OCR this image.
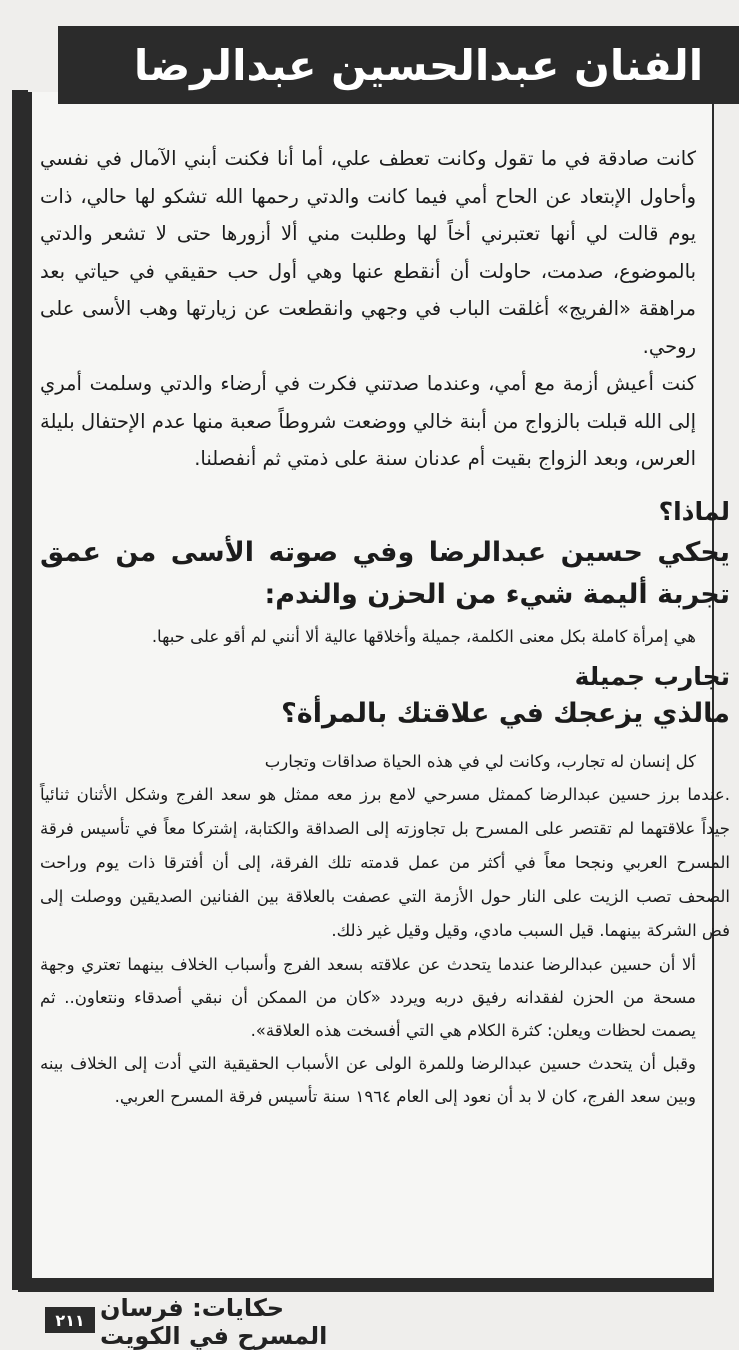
الفنان عبدالحسين عبدالرضا

كانت صادقة في ما تقول وكانت تعطف علي، أما أنا فكنت أبني الآمال في نفسي وأحاول الإبتعاد عن الحاح أمي فيما كانت والدتي رحمها الله تشكو لها حالي، ذات يوم قالت لي أنها تعتبرني أخاً لها وطلبت مني ألا أزورها حتى لا تشعر والدتي بالموضوع، صدمت، حاولت أن أنقطع عنها وهي أول حب حقيقي في حياتي بعد مراهقة «الفريج» أغلقت الباب في وجهي وانقطعت عن زيارتها وهب الأسى على روحي.

كنت أعيش أزمة مع أمي، وعندما صدتني فكرت في أرضاء والدتي وسلمت أمري إلى الله قبلت بالزواج من أبنة خالي ووضعت شروطاً صعبة منها عدم الإحتفال بليلة العرس، وبعد الزواج بقيت أم عدنان سنة على ذمتي ثم أنفصلنا.

لماذا؟
يحكي حسين عبدالرضا وفي صوته الأسى من عمق تجربة أليمة شيء من الحزن والندم:

هي إمرأة كاملة بكل معنى الكلمة، جميلة وأخلاقها عالية ألا أنني لم أقو على حبها.

تجارب جميلة
مالذي يزعجك في علاقتك بالمرأة؟

كل إنسان له تجارب، وكانت لي في هذه الحياة صداقات وتجارب

.عندما برز حسين عبدالرضا كممثل مسرحي لامع برز معه ممثل هو سعد الفرج وشكل الأثنان ثنائياً جيداً علاقتهما لم تقتصر على المسرح بل تجاوزته إلى الصداقة والكتابة، إشتركا معاً في تأسيس فرقة المسرح العربي ونجحا معاً في أكثر من عمل قدمته تلك الفرقة، إلى أن أفترقا ذات يوم وراحت الصحف تصب الزيت على النار حول الأزمة التي عصفت بالعلاقة بين الفنانين الصديقين ووصلت إلى فض الشركة بينهما. قيل السبب مادي، وقيل وقيل غير ذلك.

ألا أن حسين عبدالرضا عندما يتحدث عن علاقته بسعد الفرج وأسباب الخلاف بينهما تعتري وجهة مسحة من الحزن لفقدانه رفيق دربه ويردد «كان من الممكن أن نبقي أصدقاء ونتعاون.. ثم يصمت لحظات ويعلن: كثرة الكلام هي التي أفسخت هذه العلاقة».

وقبل أن يتحدث حسين عبدالرضا وللمرة الولى عن الأسباب الحقيقية التي أدت إلى الخلاف بينه وبين سعد الفرج، كان لا بد أن نعود إلى العام ١٩٦٤ سنة تأسيس فرقة المسرح العربي.

٢١١ حكايات: فرسان المسرح في الكويت
